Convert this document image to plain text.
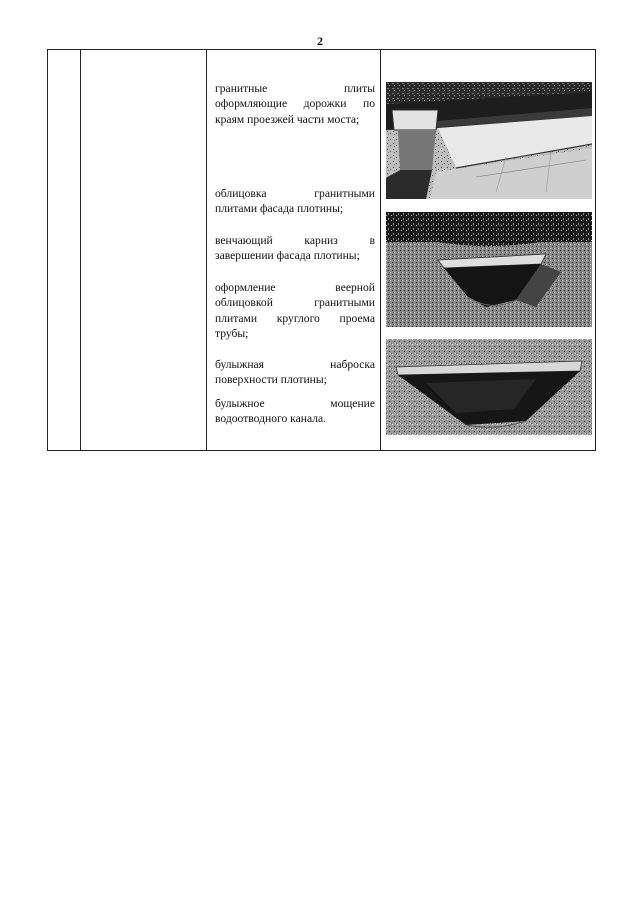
2
гранитные плиты
оформляющие дорожки по
краям проезжей части моста;
облицовка гранитными
плитами фасада плотины;
венчающий карниз в
завершении фасада плотины;
оформление веерной
облицовкой гранитными
плитами круглого проема
трубы;
булыжная наброска
поверхности плотины;
булыжное мощение
водоотводного канала.
